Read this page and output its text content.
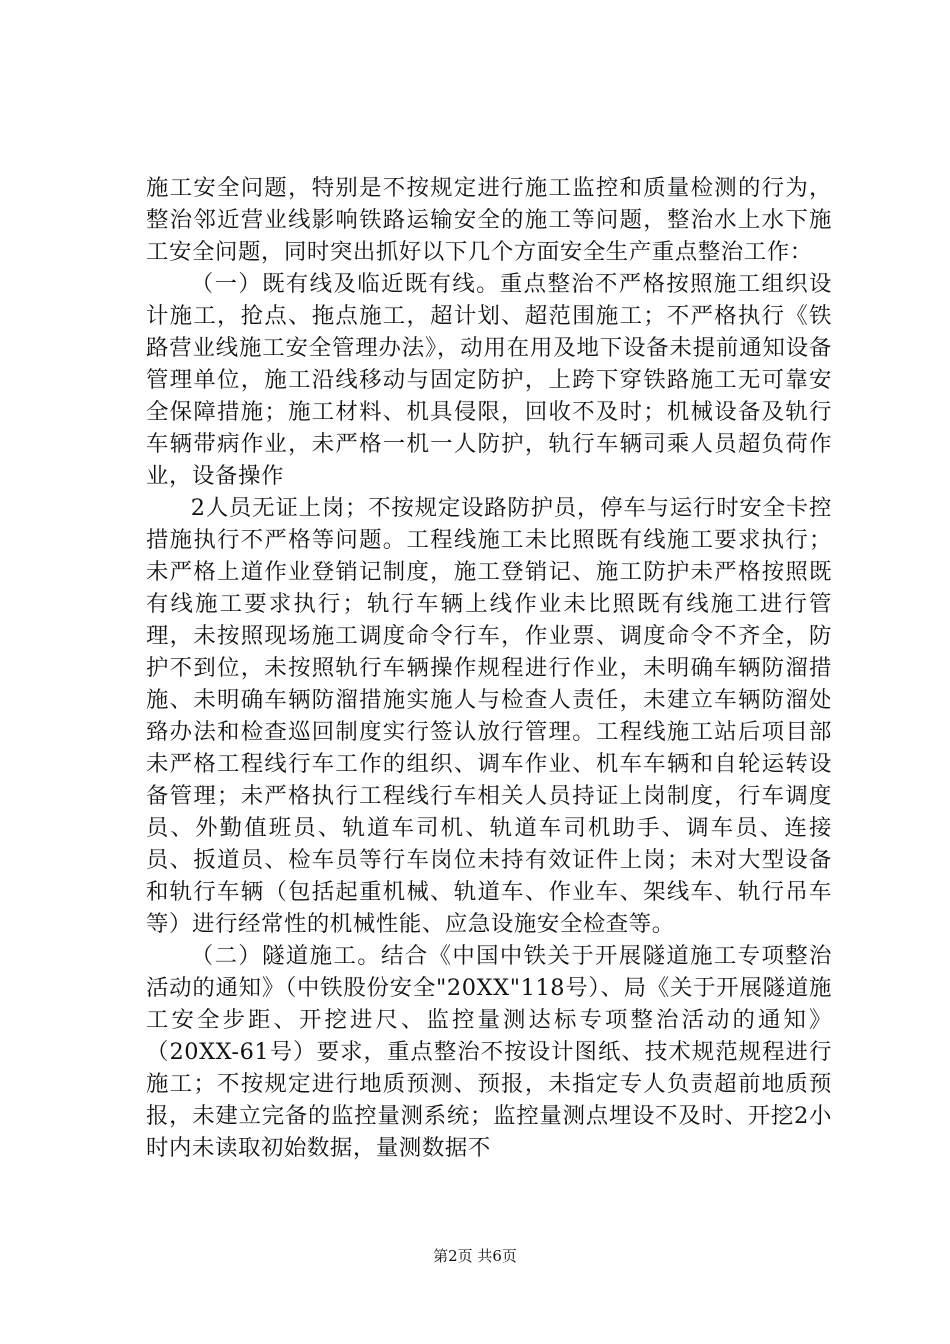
施工安全问题，特别是不按规定进行施工监控和质量检测的行为，整治邻近营业线影响铁路运输安全的施工等问题，整治水上水下施工安全问题，同时突出抓好以下几个方面安全生产重点整治工作：

（一）既有线及临近既有线。重点整治不严格按照施工组织设计施工，抢点、拖点施工，超计划、超范围施工；不严格执行《铁路营业线施工安全管理办法》，动用在用及地下设备未提前通知设备管理单位，施工沿线移动与固定防护，上跨下穿铁路施工无可靠安全保障措施；施工材料、机具侵限，回收不及时；机械设备及轨行车辆带病作业，未严格一机一人防护，轨行车辆司乘人员超负荷作业，设备操作

2人员无证上岗；不按规定设路防护员，停车与运行时安全卡控措施执行不严格等问题。工程线施工未比照既有线施工要求执行；未严格上道作业登销记制度，施工登销记、施工防护未严格按照既有线施工要求执行；轨行车辆上线作业未比照既有线施工进行管理，未按照现场施工调度命令行车，作业票、调度命令不齐全，防护不到位，未按照轨行车辆操作规程进行作业，未明确车辆防溜措施、未明确车辆防溜措施实施人与检查人责任，未建立车辆防溜处臵办法和检查巡回制度实行签认放行管理。工程线施工站后项目部未严格工程线行车工作的组织、调车作业、机车车辆和自轮运转设备管理；未严格执行工程线行车相关人员持证上岗制度，行车调度员、外勤值班员、轨道车司机、轨道车司机助手、调车员、连接员、扳道员、检车员等行车岗位未持有效证件上岗；未对大型设备和轨行车辆（包括起重机械、轨道车、作业车、架线车、轨行吊车等）进行经常性的机械性能、应急设施安全检查等。

（二）隧道施工。结合《中国中铁关于开展隧道施工专项整治活动的通知》（中铁股份安全"20XX"118号）、局《关于开展隧道施工安全步距、开挖进尺、监控量测达标专项整治活动的通知》（20XX-61号）要求，重点整治不按设计图纸、技术规范规程进行施工；不按规定进行地质预测、预报，未指定专人负责超前地质预报，未建立完备的监控量测系统；监控量测点埋设不及时、开挖2小时内未读取初始数据，量测数据不

第2页 共6页
